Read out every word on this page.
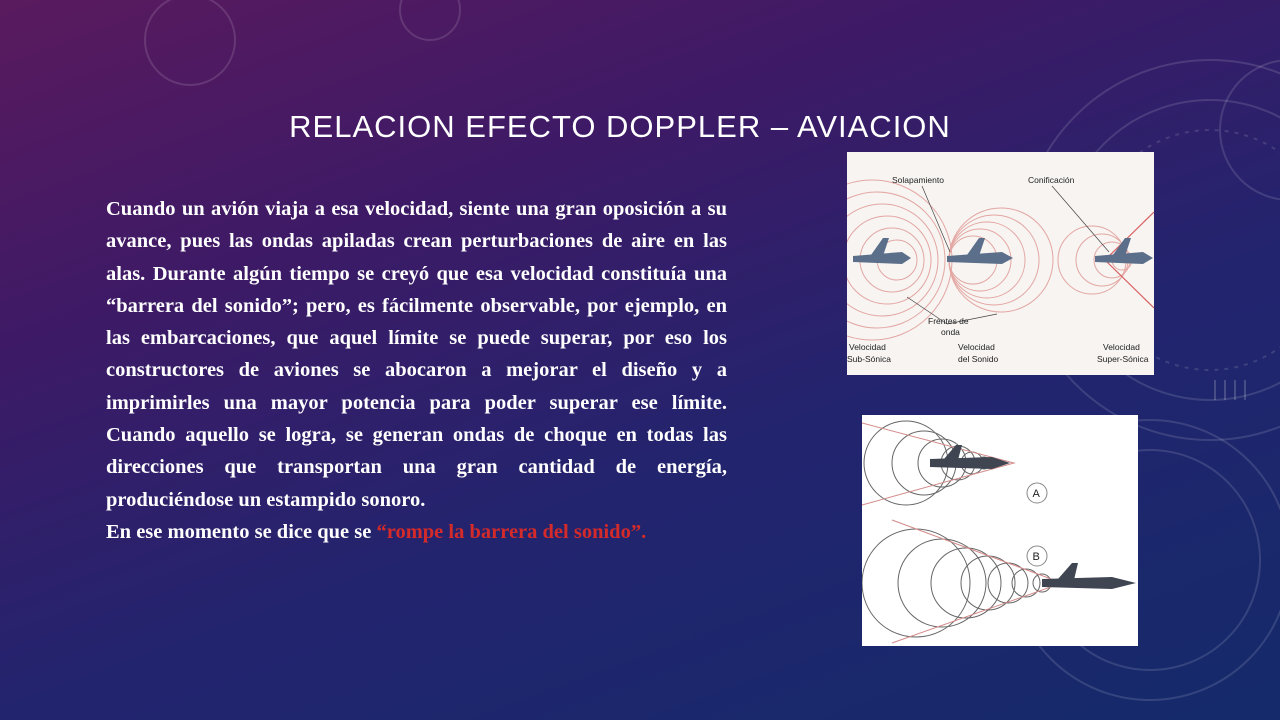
RELACION EFECTO DOPPLER – AVIACION

Cuando un avión viaja a esa velocidad, siente una gran oposición a su avance, pues las ondas apiladas crean perturbaciones de aire en las alas. Durante algún tiempo se creyó que esa velocidad constituía una “barrera del sonido”; pero, es fácilmente observable, por ejemplo, en las embarcaciones, que aquel límite se puede superar, por eso los constructores de aviones se abocaron a mejorar el diseño y a imprimirles una mayor potencia para poder superar ese límite. Cuando aquello se logra, se generan ondas de choque en todas las direcciones que transportan una gran cantidad de energía, produciéndose un estampido sonoro.

En ese momento se dice que se “rompe la barrera del sonido”.

Solapamiento	Conificación
Frentes de
onda
Velocidad
Sub-Sónica
Velocidad
del Sonido
Velocidad
Super-Sónica
A
B
